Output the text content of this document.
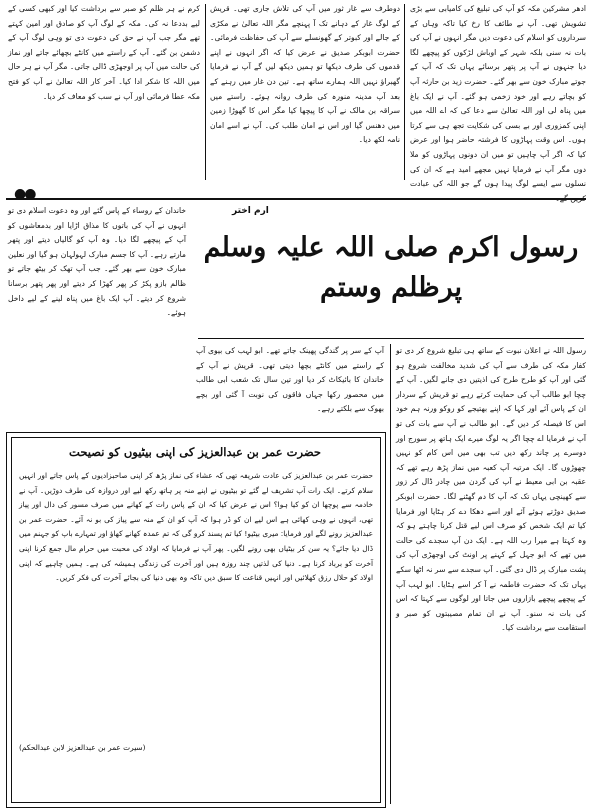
ادھر مشرکین مکہ کو آپ کی تبلیغ کی کامیابی سے بڑی تشویش تھی۔ آپ نے طائف کا رخ کیا تاکہ وہاں کے سرداروں کو اسلام کی دعوت دیں مگر انہوں نے آپ کی بات نہ سنی بلکہ شہر کے اوباش لڑکوں کو پیچھے لگا دیا جنہوں نے آپ پر پتھر برسائے یہاں تک کہ آپ کے جوتے مبارک خون سے بھر گئے۔ حضرت زید بن حارثہ آپ کو بچاتے رہے اور خود زخمی ہو گئے۔ آپ نے ایک باغ میں پناہ لی اور اللہ تعالیٰ سے دعا کی کہ اے اللہ میں اپنی کمزوری اور بے بسی کی شکایت تجھ ہی سے کرتا ہوں۔ اس وقت پہاڑوں کا فرشتہ حاضر ہوا اور عرض کیا کہ اگر آپ چاہیں تو میں ان دونوں پہاڑوں کو ملا دوں مگر آپ نے فرمایا نہیں مجھے امید ہے کہ ان کی نسلوں سے ایسے لوگ پیدا ہوں گے جو اللہ کی عبادت کریں گے۔
دوطرف سے غار ثور میں آپ کی تلاش جاری تھی۔ قریش کے لوگ غار کے دہانے تک آ پہنچے مگر اللہ تعالیٰ نے مکڑی کے جالے اور کبوتر کے گھونسلے سے آپ کی حفاظت فرمائی۔ حضرت ابوبکر صدیق نے عرض کیا کہ اگر انہوں نے اپنے قدموں کی طرف دیکھا تو ہمیں دیکھ لیں گے آپ نے فرمایا گھبراؤ نہیں اللہ ہمارے ساتھ ہے۔ تین دن غار میں رہنے کے بعد آپ مدینہ منورہ کی طرف روانہ ہوئے۔ راستے میں سراقہ بن مالک نے آپ کا پیچھا کیا مگر اس کا گھوڑا زمین میں دھنس گیا اور اس نے امان طلب کی۔ آپ نے اسے امان نامہ لکھ دیا۔
کرم نے ہر ظلم کو صبر سے برداشت کیا اور کبھی کسی کے لیے بددعا نہ کی۔ مکہ کے لوگ آپ کو صادق اور امین کہتے تھے مگر جب آپ نے حق کی دعوت دی تو وہی لوگ آپ کے دشمن بن گئے۔ آپ کے راستے میں کانٹے بچھائے جاتے اور نماز کی حالت میں آپ پر اوجھڑی ڈالی جاتی۔ مگر آپ نے ہر حال میں اللہ کا شکر ادا کیا۔ آخر کار اللہ تعالیٰ نے آپ کو فتح مکہ عطا فرمائی اور آپ نے سب کو معاف کر دیا۔
●●
خاندان کے روساء کے پاس گئے اور وہ دعوت اسلام دی تو انہوں نے آپ کی باتوں کا مذاق اڑایا اور بدمعاشوں کو آپ کے پیچھے لگا دیا۔ وہ آپ کو گالیاں دیتے اور پتھر مارتے رہے۔ آپ کا جسم مبارک لہولہان ہو گیا اور نعلین مبارک خون سے بھر گئے۔ جب آپ تھک کر بیٹھ جاتے تو ظالم بازو پکڑ کر پھر کھڑا کر دیتے اور پھر پتھر برسانا شروع کر دیتے۔ آپ ایک باغ میں پناہ لینے کے لیے داخل ہوئے۔
ارم اختر
رسول اکرم صلی اللہ علیہ وسلم پرظلم وستم
آپ کے سر پر گندگی پھینک جاتے تھے۔ ابو لہب کی بیوی آپ کے راستے میں کانٹے بچھا دیتی تھی۔ قریش نے آپ کے خاندان کا بائیکاٹ کر دیا اور تین سال تک شعب ابی طالب میں محصور رکھا جہاں فاقوں کی نوبت آ گئی اور بچے بھوک سے بلکتے رہے۔
رسول اللہ نے اعلان نبوت کے ساتھ ہی تبلیغ شروع کر دی تو کفار مکہ کی طرف سے آپ کی شدید مخالفت شروع ہو گئی اور آپ کو طرح طرح کی اذیتیں دی جانے لگیں۔ آپ کے چچا ابو طالب آپ کی حمایت کرتے رہے تو قریش کے سردار ان کے پاس آئے اور کہا کہ اپنے بھتیجے کو روکو ورنہ ہم خود اس کا فیصلہ کر دیں گے۔ ابو طالب نے آپ سے بات کی تو آپ نے فرمایا اے چچا اگر یہ لوگ میرے ایک ہاتھ پر سورج اور دوسرے پر چاند رکھ دیں تب بھی میں اس کام کو نہیں چھوڑوں گا۔ ایک مرتبہ آپ کعبہ میں نماز پڑھ رہے تھے کہ عقبہ بن ابی معیط نے آپ کی گردن میں چادر ڈال کر زور سے کھینچی یہاں تک کہ آپ کا دم گھٹنے لگا۔ حضرت ابوبکر صدیق دوڑتے ہوئے آئے اور اسے دھکا دے کر ہٹایا اور فرمایا کیا تم ایک شخص کو صرف اس لیے قتل کرنا چاہتے ہو کہ وہ کہتا ہے میرا رب اللہ ہے۔ ایک دن آپ سجدے کی حالت میں تھے کہ ابو جہل کے کہنے پر اونٹ کی اوجھڑی آپ کی پشت مبارک پر ڈال دی گئی۔ آپ سجدے سے سر نہ اٹھا سکے یہاں تک کہ حضرت فاطمہ نے آ کر اسے ہٹایا۔ ابو لہب آپ کے پیچھے پیچھے بازاروں میں جاتا اور لوگوں سے کہتا کہ اس کی بات نہ سنو۔ آپ نے ان تمام مصیبتوں کو صبر و استقامت سے برداشت کیا۔
حضرت عمر بن عبدالعزیز کی اپنی بیٹیوں کو نصیحت
حضرت عمر بن عبدالعزیز کی عادت شریفہ تھی کہ عشاء کی نماز پڑھ کر اپنی صاحبزادیوں کے پاس جاتے اور انہیں سلام کرتے۔ ایک رات آپ تشریف لے گئے تو بیٹیوں نے اپنے منہ پر ہاتھ رکھ لیے اور دروازہ کی طرف دوڑیں۔ آپ نے خادمہ سے پوچھا ان کو کیا ہوا؟ اس نے عرض کیا کہ ان کے پاس رات کے کھانے میں صرف مسور کی دال اور پیاز تھی، انہوں نے وہی کھائی ہے اس لیے ان کو ڈر ہوا کہ آپ کو ان کے منہ سے پیاز کی بو نہ آئے۔ حضرت عمر بن عبدالعزیز رونے لگے اور فرمایا: میری بیٹیو! کیا تم پسند کرو گی کہ تم عمدہ کھانے کھاؤ اور تمہارے باپ کو جہنم میں ڈال دیا جائے؟ یہ سن کر بیٹیاں بھی رونے لگیں۔ پھر آپ نے فرمایا کہ اولاد کی محبت میں حرام مال جمع کرنا اپنی آخرت کو برباد کرنا ہے۔ دنیا کی لذتیں چند روزہ ہیں اور آخرت کی زندگی ہمیشہ کی ہے۔ ہمیں چاہیے کہ اپنی اولاد کو حلال رزق کھلائیں اور انہیں قناعت کا سبق دیں تاکہ وہ بھی دنیا کی بجائے آخرت کی فکر کریں۔
(سیرت عمر بن عبدالعزیز لابن عبدالحکم)
